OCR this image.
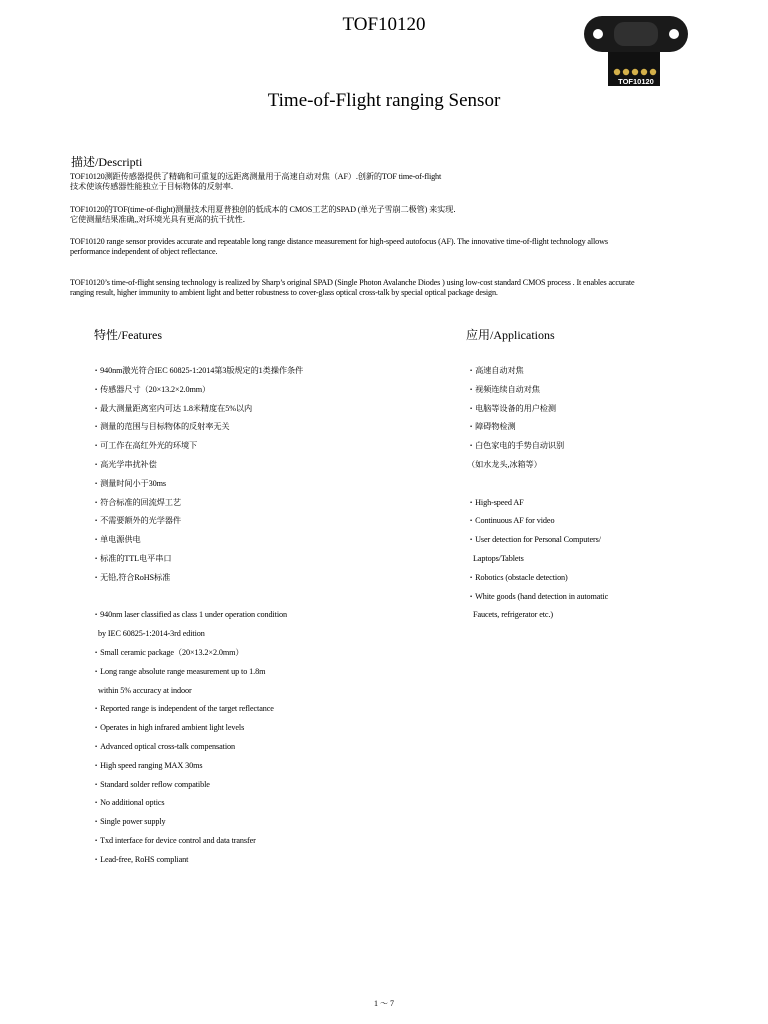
TOF10120
TOF10120
Time-of-Flight ranging Sensor
描述/Descripti
TOF10120测距传感器提供了精确和可重复的远距离测量用于高速自动对焦（AF）.创新的TOF time-of-flight
技术使该传感器性能独立于目标物体的反射率．
TOF10120的TOF(time-of-flight)测量技术用夏普独创的低成本的 CMOS工艺的SPAD (单光子雪崩二极管) 来实现．
它使测量结果准确,,对环境光具有更高的抗干扰性．
TOF10120 range sensor provides accurate and repeatable long range distance measurement for high-speed autofocus (AF). The innovative time-of-flight technology allows
performance independent of object reflectance.
TOF10120’s time-of-flight sensing technology is realized by Sharp’s original SPAD (Single Photon Avalanche Diodes ) using low-cost standard CMOS process . It enables accurate
ranging result, higher immunity to ambient light and better robustness to cover-glass optical cross-talk by special optical package design.
特性/Features
・940nm激光符合IEC 60825-1:2014第3版规定的1类操作条件
・传感器尺寸（20×13.2×2.0mm）
・最大测量距离室内可达 1.8米精度在5%以内
・测量的范围与目标物体的反射率无关
・可工作在高红外光的环境下
・高光学串扰补偿
・测量时间小于30ms
・符合标准的回流焊工艺
・不需要额外的光学器件
・单电源供电
・标准的TTL电平串口
・无铅,符合RoHS标准
・940nm laser classified as class 1 under operation condition
by IEC 60825-1:2014-3rd edition
・Small ceramic package（20×13.2×2.0mm）
・Long range absolute range measurement up to 1.8m
within 5% accuracy at indoor
・Reported range is independent of the target reflectance
・Operates in high infrared ambient light levels
・Advanced optical cross-talk compensation
・High speed ranging MAX 30ms
・Standard solder reflow compatible
・No additional optics
・Single power supply
・Txd interface for device control and data transfer
・Lead-free, RoHS compliant
应用/Applications
・高速自动对焦
・视频连续自动对焦
・电脑等设备的用户检测
・障碍物检测
・白色家电的手势自动识别
（如水龙头,冰箱等）
・High-speed AF
・Continuous AF for video
・User detection for Personal Computers/
Laptops/Tablets
・Robotics (obstacle detection)
・White goods (hand detection in automatic
Faucets, refrigerator etc.)
1 ～ 7
